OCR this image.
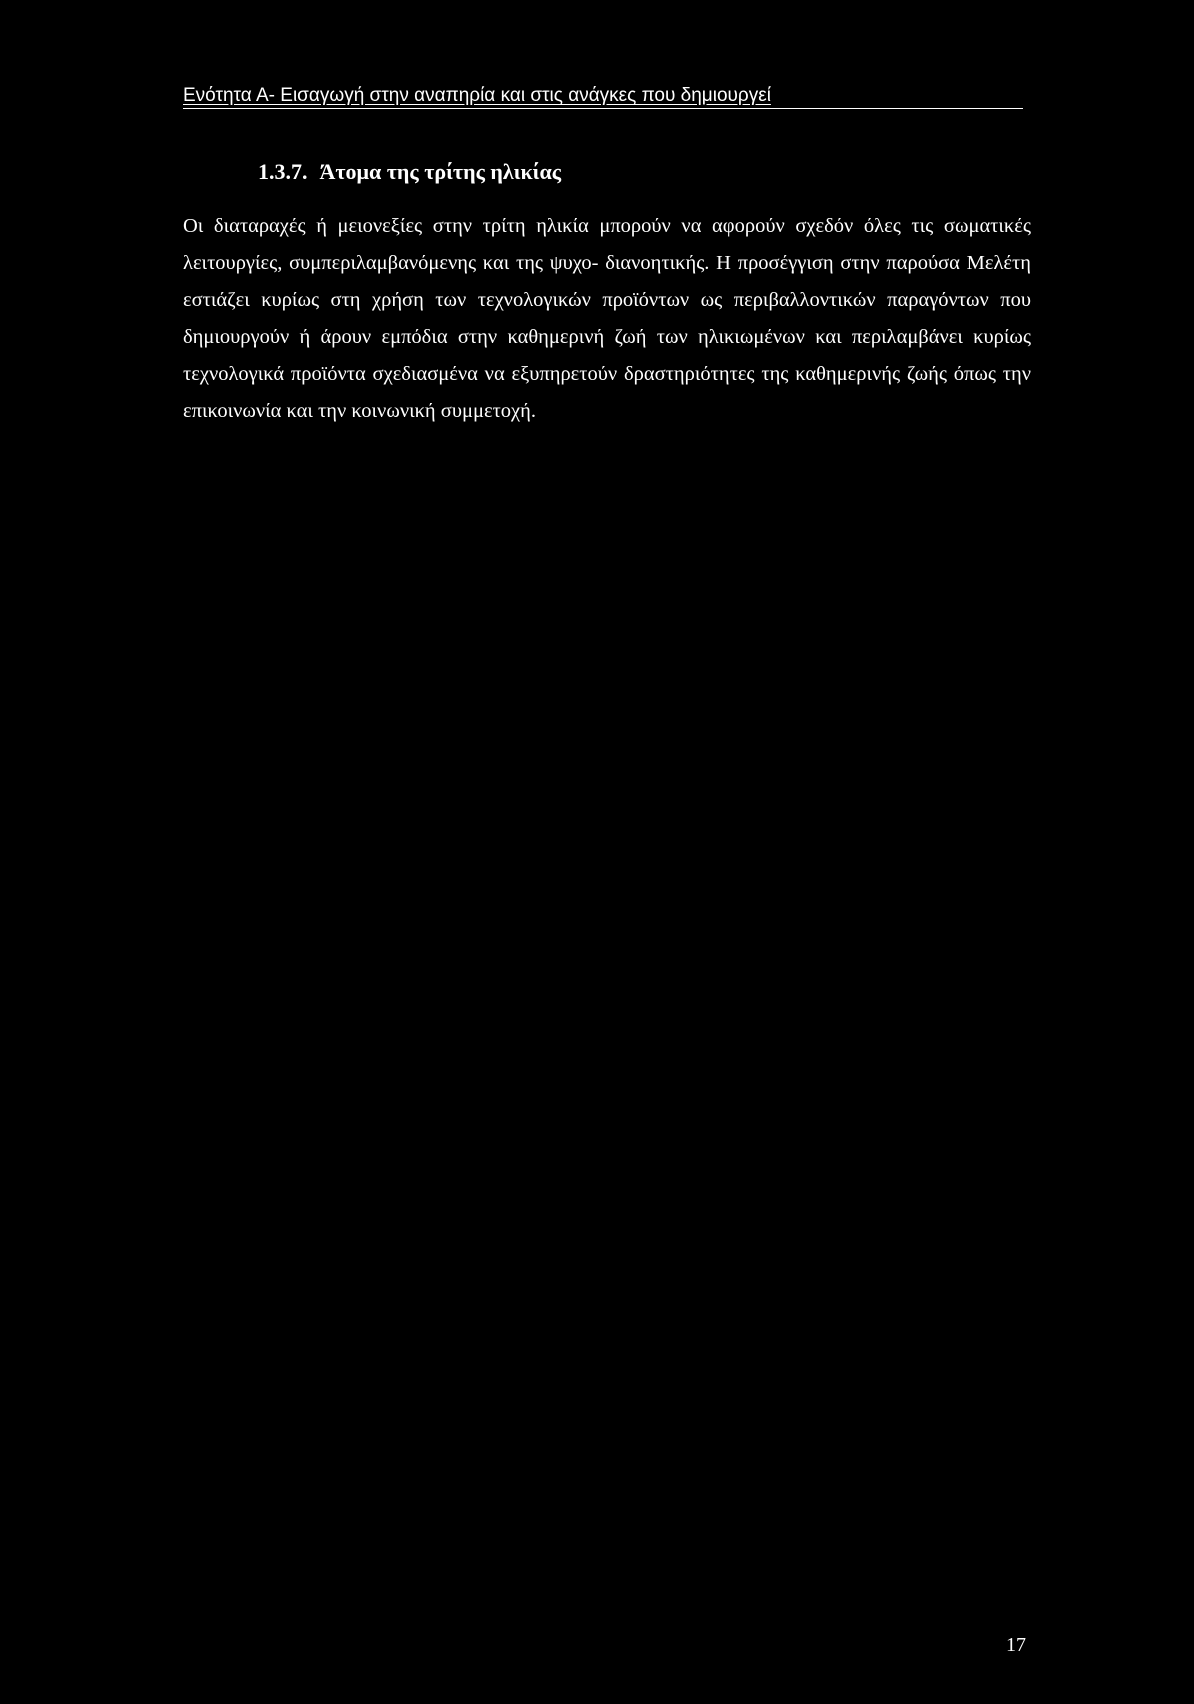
Ενότητα Α- Εισαγωγή στην αναπηρία και στις ανάγκες που δημιουργεί
1.3.7. Άτομα της τρίτης ηλικίας

Οι διαταραχές ή μειονεξίες στην τρίτη ηλικία μπορούν να αφορούν σχεδόν όλες τις σωματικές λειτουργίες, συμπεριλαμβανόμενης και της ψυχο- διανοητικής. Η προσέγγιση στην παρούσα Μελέτη εστιάζει κυρίως στη χρήση των τεχνολογικών προϊόντων ως περιβαλλοντικών παραγόντων που δημιουργούν ή άρουν εμπόδια στην καθημερινή ζωή των ηλικιωμένων και περιλαμβάνει κυρίως τεχνολογικά προϊόντα σχεδιασμένα να εξυπηρετούν δραστηριότητες της καθημερινής ζωής όπως την επικοινωνία και την κοινωνική συμμετοχή.

17
